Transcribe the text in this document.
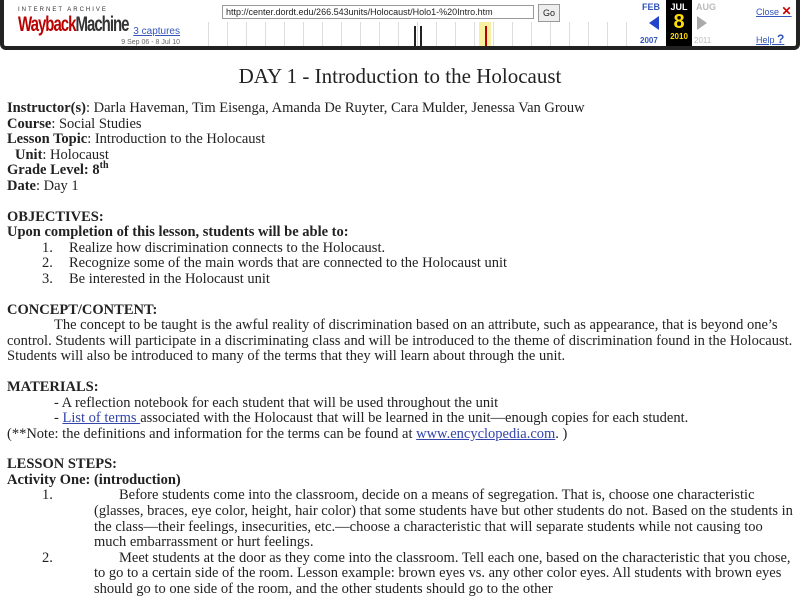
INTERNET ARCHIVE
WaybackMachine 3 captures
9 Sep 06 - 8 Jul 10
http://center.dordt.edu/266.543units/Holocaust/Holo1-%20Intro.htm	Go
FEB
2007
JUL
8
2010
AUG
2011
Close ✕
Help ?
DAY 1 - Introduction to the Holocaust

Instructor(s): Darla Haveman, Tim Eisenga, Amanda De Ruyter, Cara Mulder, Jenessa Van Grouw

Course: Social Studies

Lesson Topic: Introduction to the Holocaust

Unit: Holocaust

Grade Level: 8th

Date: Day 1

OBJECTIVES:

Upon completion of this lesson, students will be able to:

1. Realize how discrimination connects to the Holocaust.
2. Recognize some of the main words that are connected to the Holocaust unit
3. Be interested in the Holocaust unit

CONCEPT/CONTENT:

The concept to be taught is the awful reality of discrimination based on an attribute, such as appearance, that is beyond one’s control. Students will participate in a discriminating class and will be introduced to the theme of discrimination found in the Holocaust. Students will also be introduced to many of the terms that they will learn about through the unit.

MATERIALS:

- A reflection notebook for each student that will be used throughout the unit

- List of terms associated with the Holocaust that will be learned in the unit—enough copies for each student.

(**Note: the definitions and information for the terms can be found at www.encyclopedia.com. )

LESSON STEPS:

Activity One: (introduction)

1.	Before students come into the classroom, decide on a means of segregation. That is, choose one characteristic (glasses, braces, eye color, height, hair color) that some students have but other students do not. Based on the students in the class—their feelings, insecurities, etc.—choose a characteristic that will separate students while not causing too much embarrassment or hurt feelings.
2.	Meet students at the door as they come into the classroom. Tell each one, based on the characteristic that you chose, to go to a certain side of the room. Lesson example: brown eyes vs. any other color eyes. All students with brown eyes should go to one side of the room, and the other students should go to the other
